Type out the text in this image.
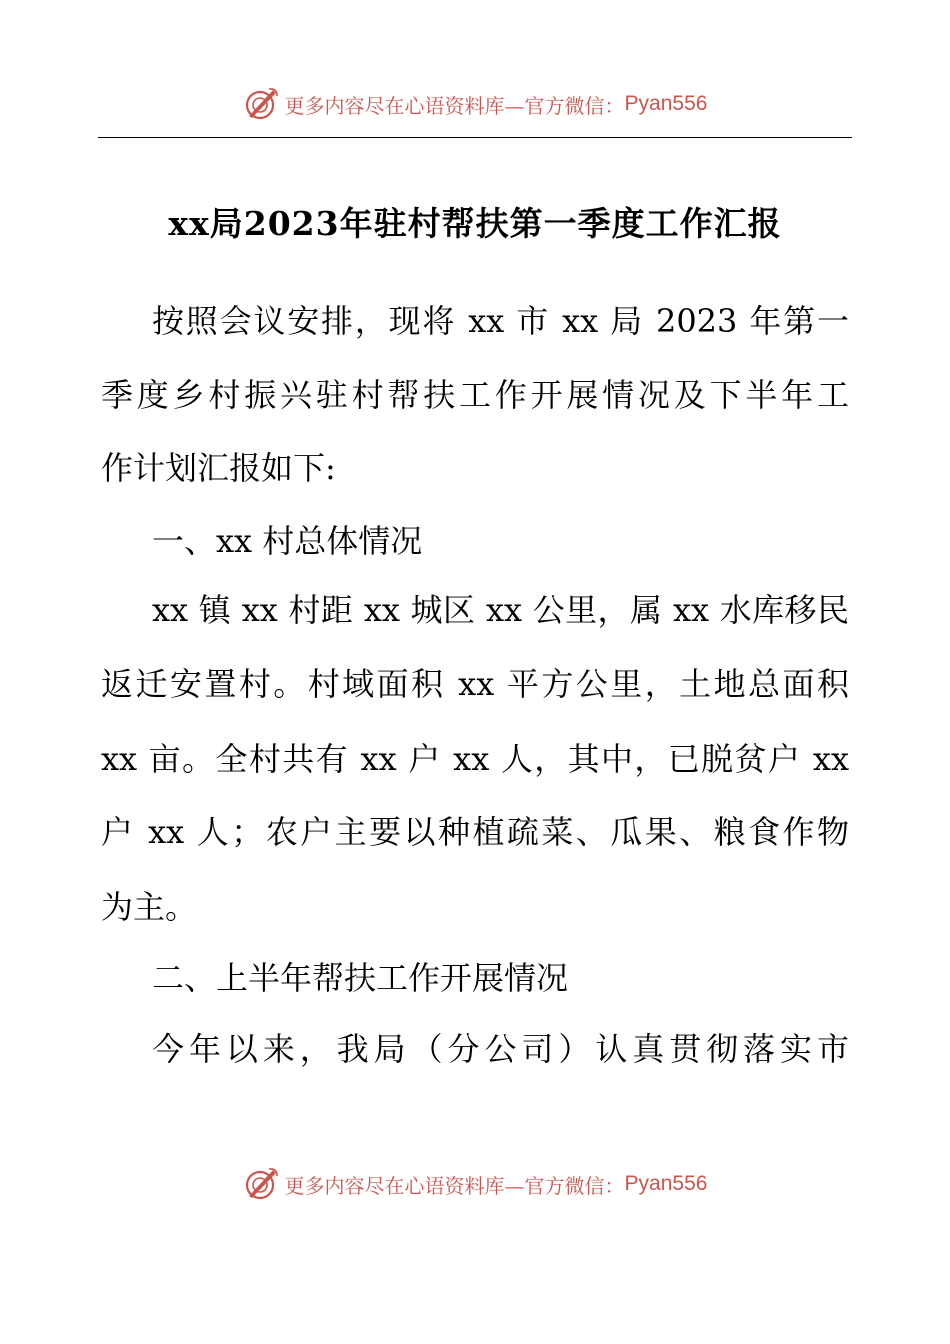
更多内容尽在心语资料库—官方微信： Pyan556
xx局2023年驻村帮扶第一季度工作汇报
按照会议安排，现将 xx 市 xx 局 2023 年第一
季度乡村振兴驻村帮扶工作开展情况及下半年工
作计划汇报如下:
一、xx 村总体情况
xx 镇 xx 村距 xx 城区 xx 公里，属 xx 水库移民
返迁安置村。村域面积 xx 平方公里，土地总面积
xx 亩。全村共有 xx 户 xx 人，其中，已脱贫户 xx
户 xx 人；农户主要以种植疏菜、瓜果、粮食作物
为主。
二、上半年帮扶工作开展情况
今年以来，我局（分公司）认真贯彻落实市
更多内容尽在心语资料库—官方微信： Pyan556
